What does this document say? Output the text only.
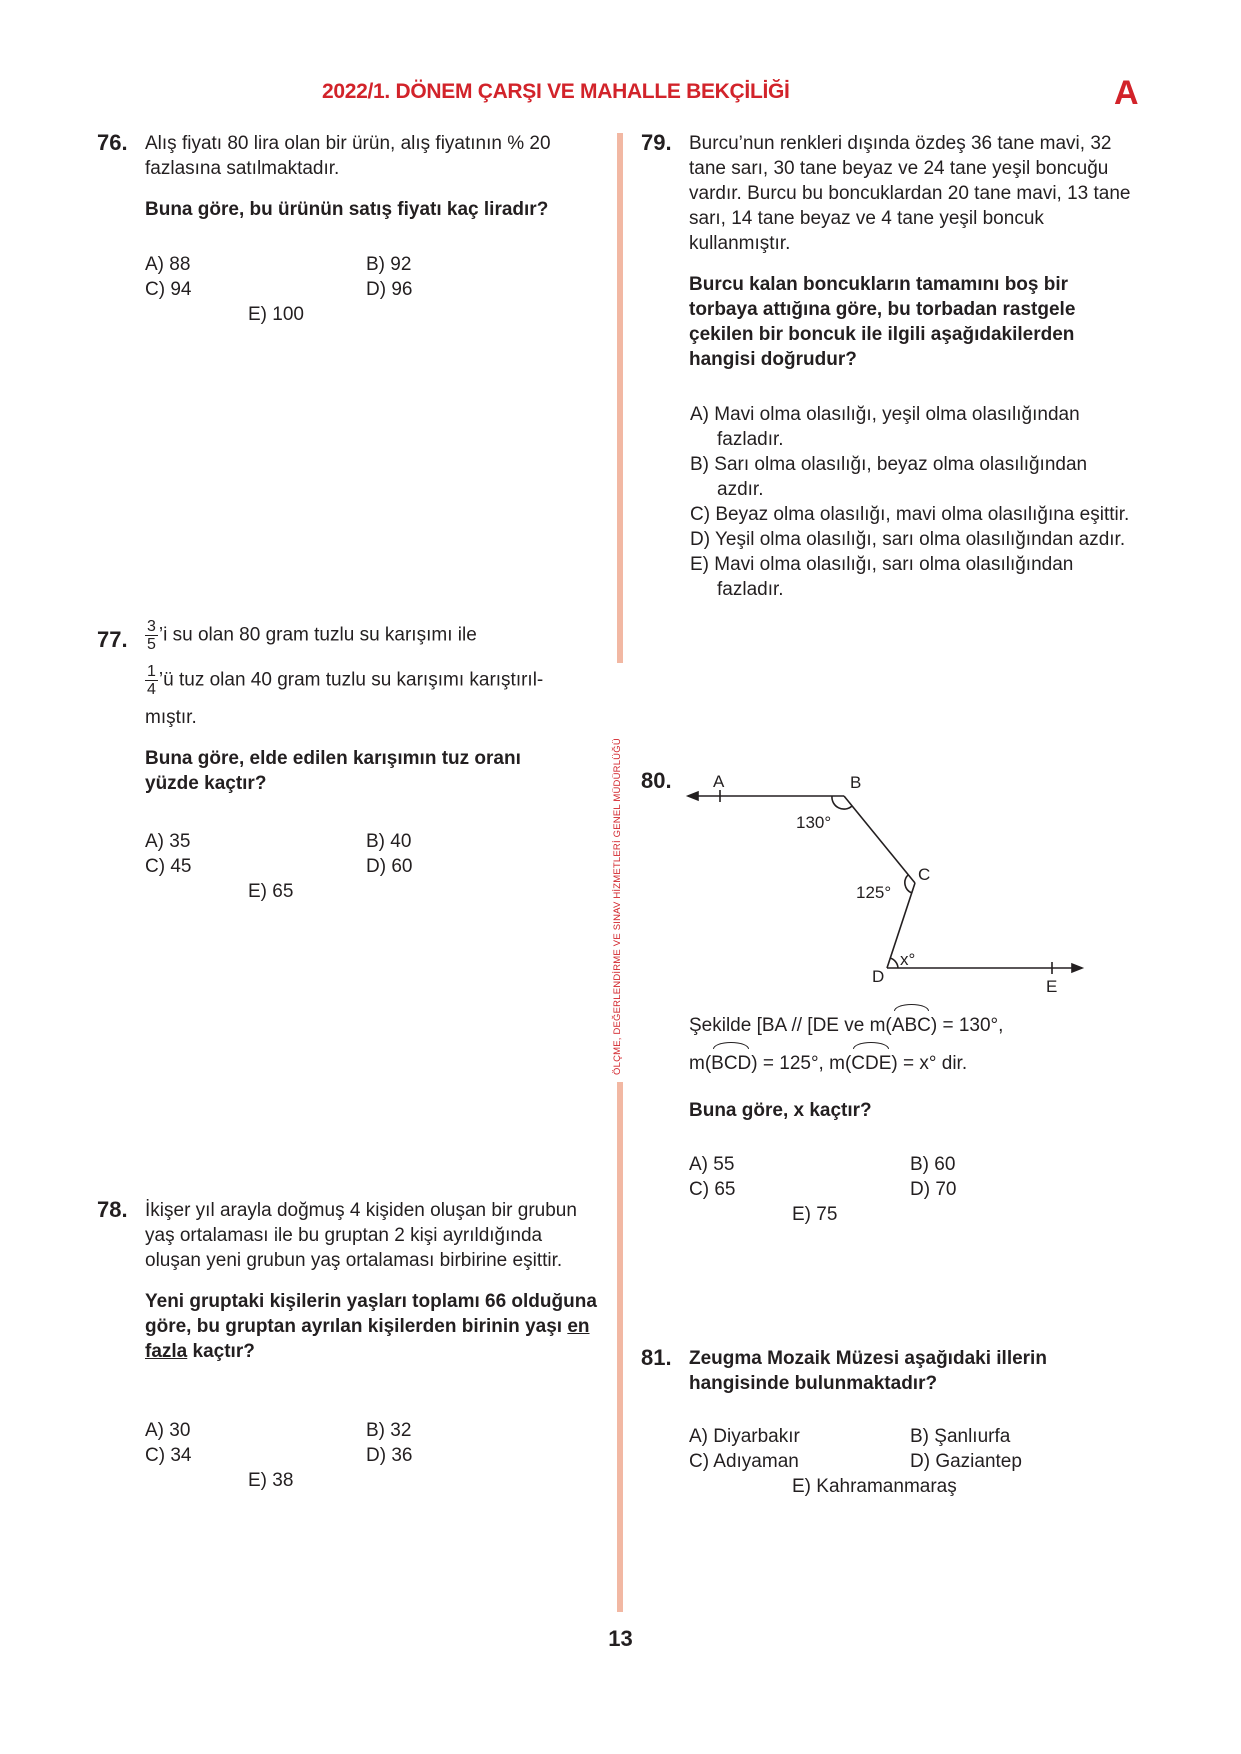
2022/1. DÖNEM ÇARŞI VE MAHALLE BEKÇİLİĞİ	A
ÖLÇME, DEĞERLENDİRME VE SINAV HİZMETLERİ GENEL MÜDÜRLÜĞÜ
76. Alış fiyatı 80 lira olan bir ürün, alış fiyatının % 20 fazlasına satılmaktadır.

Buna göre, bu ürünün satış fiyatı kaç liradır?

A) 88	B) 92
C) 94	D) 96
E) 100
77. $\frac{3}{5}$ ’i su olan 80 gram tuzlu su karışımı ile
$\frac{1}{4}$ ’ü tuz olan 40 gram tuzlu su karışımı karıştırıl-

mıştır.

Buna göre, elde edilen karışımın tuz oranı yüzde kaçtır?

A) 35	B) 40
C) 45	D) 60
E) 65
78. İkişer yıl arayla doğmuş 4 kişiden oluşan bir grubun yaş ortalaması ile bu gruptan 2 kişi ayrıldığında oluşan yeni grubun yaş ortalaması birbirine eşittir.

Yeni gruptaki kişilerin yaşları toplamı 66 olduğuna göre, bu gruptan ayrılan kişilerden birinin yaşı en fazla kaçtır?

A) 30	B) 32
C) 34	D) 36
E) 38
79. Burcu’nun renkleri dışında özdeş 36 tane mavi, 32 tane sarı, 30 tane beyaz ve 24 tane yeşil boncuğu vardır. Burcu bu boncuklardan 20 tane mavi, 13 tane sarı, 14 tane beyaz ve 4 tane yeşil boncuk kullanmıştır.

Burcu kalan boncukların tamamını boş bir torbaya attığına göre, bu torbadan rastgele çekilen bir boncuk ile ilgili aşağıdakilerden hangisi doğrudur?

A) Mavi olma olasılığı, yeşil olma olasılığından fazladır.

B) Sarı olma olasılığı, beyaz olma olasılığından azdır.

C) Beyaz olma olasılığı, mavi olma olasılığına eşittir.

D) Yeşil olma olasılığı, sarı olma olasılığından azdır.

E) Mavi olma olasılığı, sarı olma olasılığından fazladır.

80. A	B
C
D
E
130°
125°
x°
Şekilde [BA // [DE ve m(ABC) = 130°,
m(BCD) = 125°, m(CDE) = x° dir.
Buna göre, x kaçtır?
A) 55	B) 60
C) 65	D) 70
E) 75
81. Zeugma Mozaik Müzesi aşağıdaki illerin hangisinde bulunmaktadır?
A) Diyarbakır	B) Şanlıurfa
C) Adıyaman	D) Gaziantep
E) Kahramanmaraş
13
